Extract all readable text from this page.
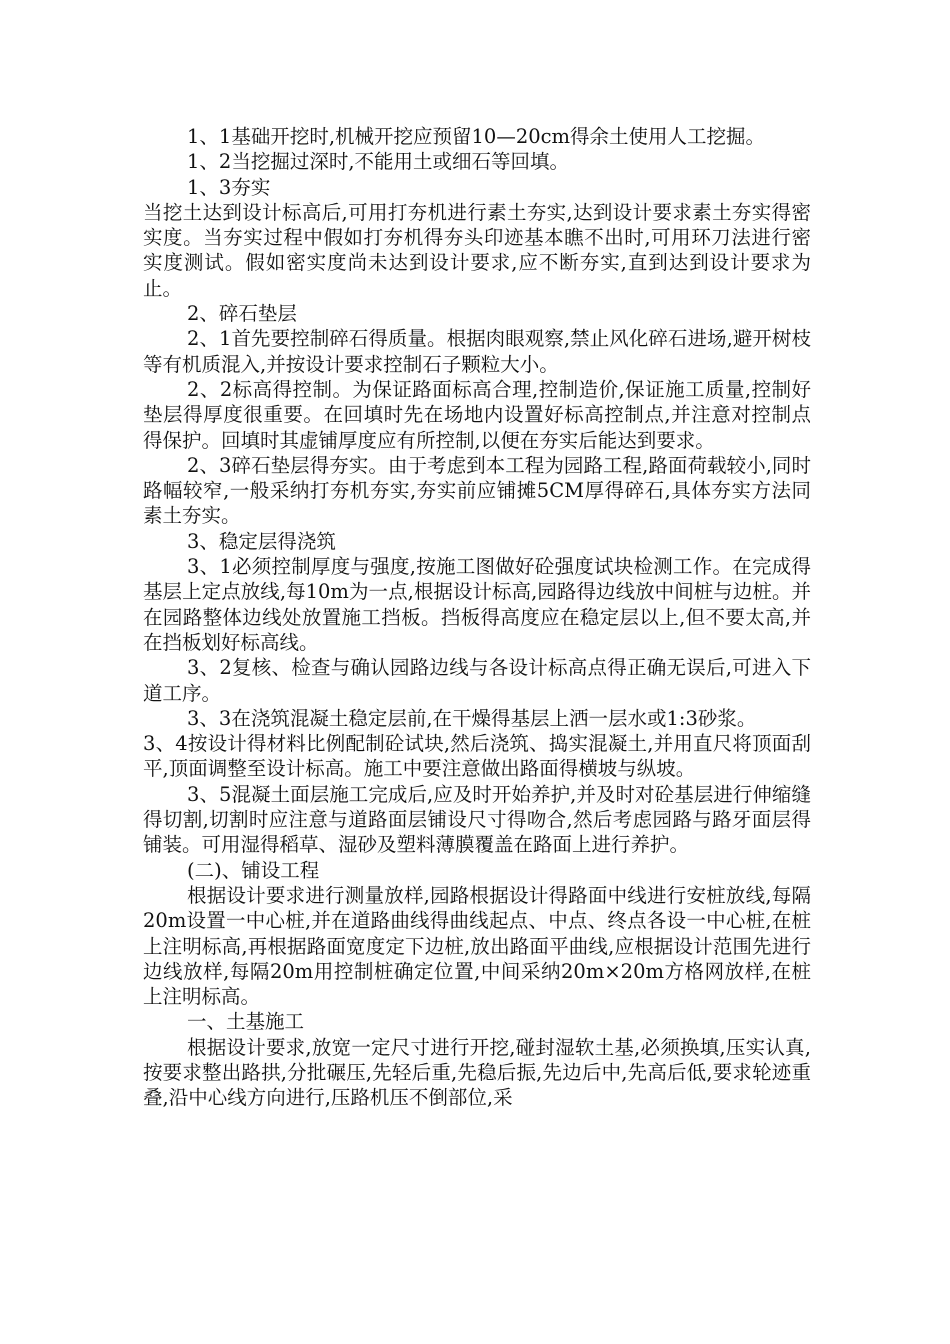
1、1基础开挖时,机械开挖应预留10—20cm得余土使用人工挖掘。

1、2当挖掘过深时,不能用土或细石等回填。

1、3夯实

当挖土达到设计标高后,可用打夯机进行素土夯实,达到设计要求素土夯实得密实度。当夯实过程中假如打夯机得夯头印迹基本瞧不出时,可用环刀法进行密实度测试。假如密实度尚未达到设计要求,应不断夯实,直到达到设计要求为止。

2、碎石垫层

2、1首先要控制碎石得质量。根据肉眼观察,禁止风化碎石进场,避开树枝等有机质混入,并按设计要求控制石子颗粒大小。

2、2标高得控制。为保证路面标高合理,控制造价,保证施工质量,控制好垫层得厚度很重要。在回填时先在场地内设置好标高控制点,并注意对控制点得保护。回填时其虚铺厚度应有所控制,以便在夯实后能达到要求。

2、3碎石垫层得夯实。由于考虑到本工程为园路工程,路面荷载较小,同时路幅较窄,一般采纳打夯机夯实,夯实前应铺摊5CM厚得碎石,具体夯实方法同素土夯实。

3、稳定层得浇筑

3、1必须控制厚度与强度,按施工图做好砼强度试块检测工作。在完成得基层上定点放线,每10m为一点,根据设计标高,园路得边线放中间桩与边桩。并在园路整体边线处放置施工挡板。挡板得高度应在稳定层以上,但不要太高,并在挡板划好标高线。

3、2复核、检查与确认园路边线与各设计标高点得正确无误后,可进入下道工序。

3、3在浇筑混凝土稳定层前,在干燥得基层上洒一层水或1:3砂浆。

3、4按设计得材料比例配制砼试块,然后浇筑、捣实混凝土,并用直尺将顶面刮平,顶面调整至设计标高。施工中要注意做出路面得横坡与纵坡。

3、5混凝土面层施工完成后,应及时开始养护,并及时对砼基层进行伸缩缝得切割,切割时应注意与道路面层铺设尺寸得吻合,然后考虑园路与路牙面层得铺装。可用湿得稻草、湿砂及塑料薄膜覆盖在路面上进行养护。

(二)、铺设工程

根据设计要求进行测量放样,园路根据设计得路面中线进行安桩放线,每隔20m设置一中心桩,并在道路曲线得曲线起点、中点、终点各设一中心桩,在桩上注明标高,再根据路面宽度定下边桩,放出路面平曲线,应根据设计范围先进行边线放样,每隔20m用控制桩确定位置,中间采纳20m×20m方格网放样,在桩上注明标高。

一、土基施工

根据设计要求,放宽一定尺寸进行开挖,碰封湿软土基,必须换填,压实认真,按要求整出路拱,分批碾压,先轻后重,先稳后振,先边后中,先高后低,要求轮迹重叠,沿中心线方向进行,压路机压不倒部位,采
